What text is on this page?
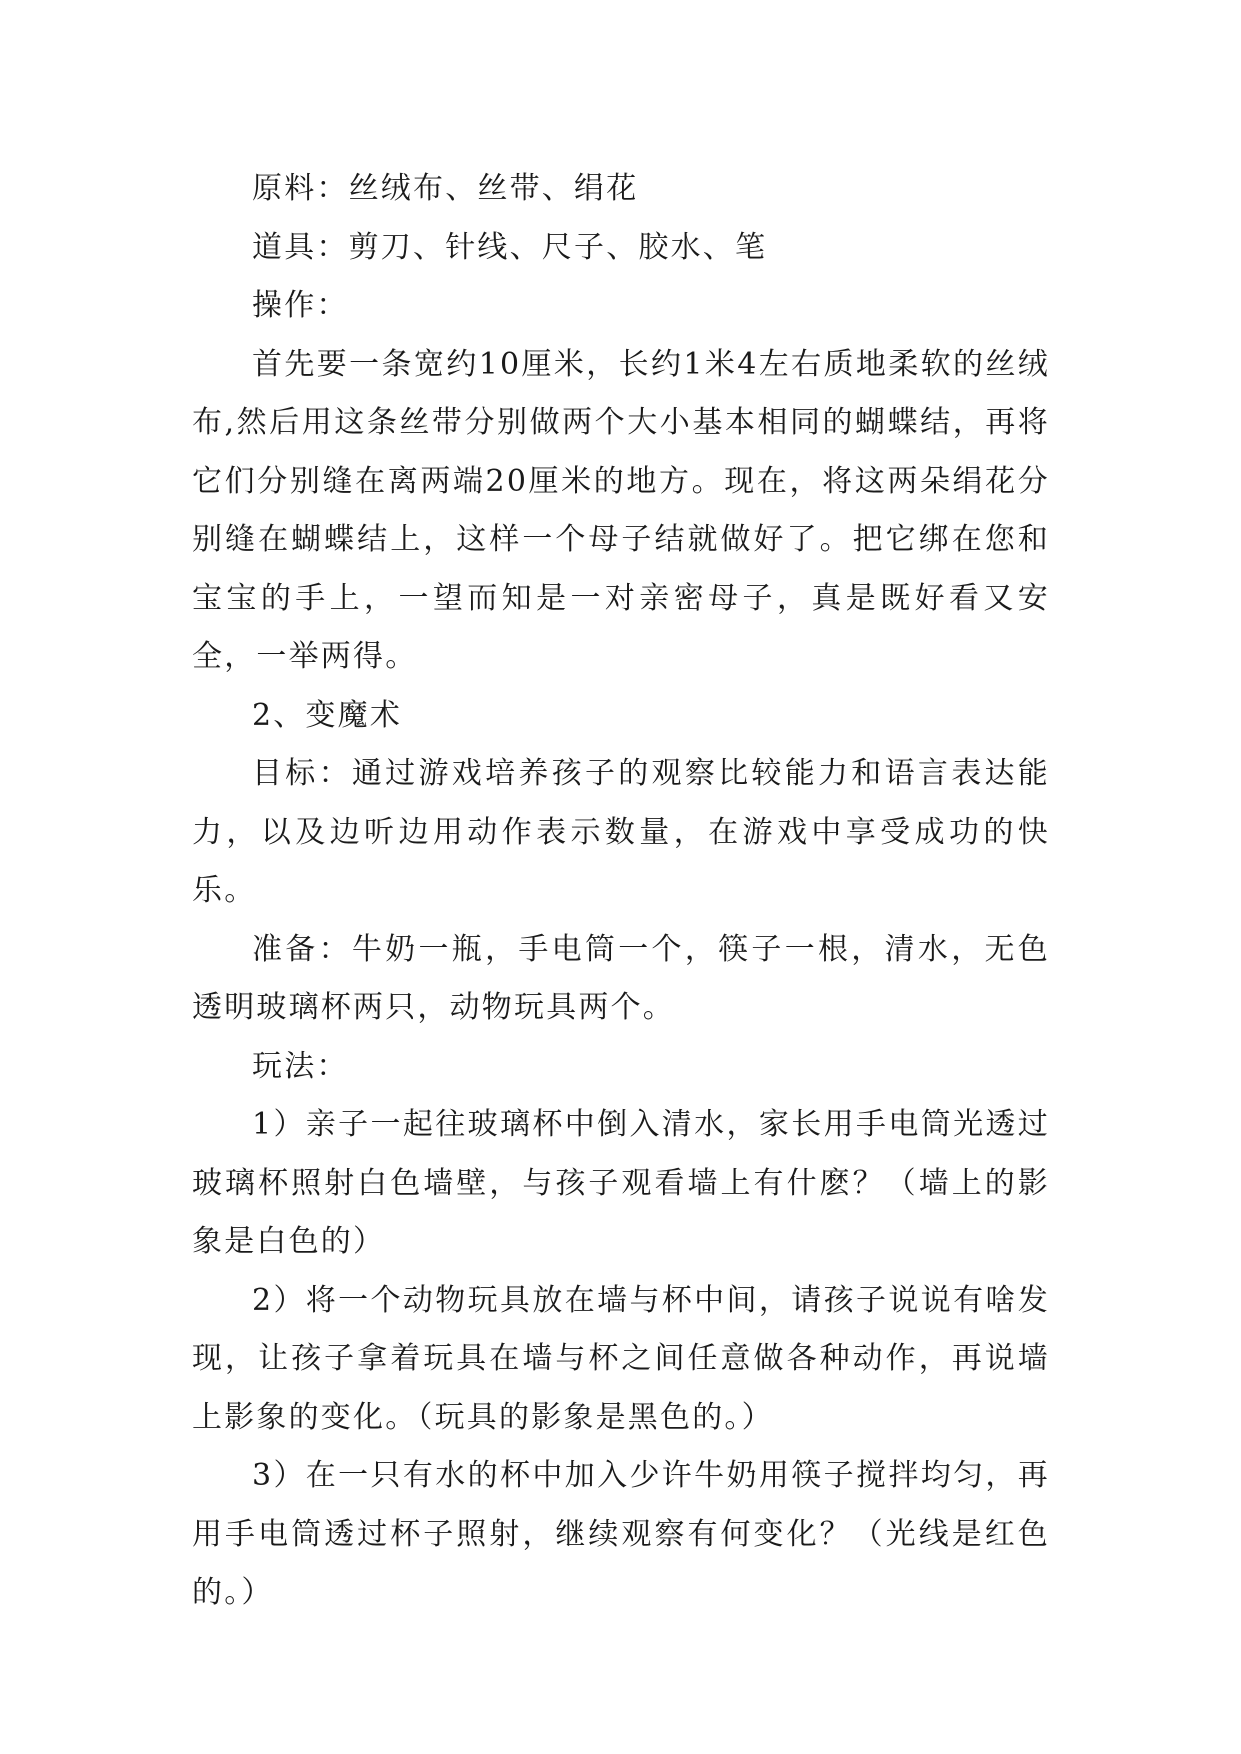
原料：丝绒布、丝带、绢花

道具：剪刀、针线、尺子、胶水、笔

操作：

首先要一条宽约10厘米，长约1米4左右质地柔软的丝绒布,然后用这条丝带分别做两个大小基本相同的蝴蝶结，再将它们分别缝在离两端20厘米的地方。现在，将这两朵绢花分别缝在蝴蝶结上，这样一个母子结就做好了。把它绑在您和宝宝的手上，一望而知是一对亲密母子，真是既好看又安全，一举两得。

2、变魔术

目标：通过游戏培养孩子的观察比较能力和语言表达能力，以及边听边用动作表示数量，在游戏中享受成功的快乐。

准备：牛奶一瓶，手电筒一个，筷子一根，清水，无色透明玻璃杯两只，动物玩具两个。

玩法：

1）亲子一起往玻璃杯中倒入清水，家长用手电筒光透过玻璃杯照射白色墙壁，与孩子观看墙上有什麽？（墙上的影象是白色的）

2）将一个动物玩具放在墙与杯中间，请孩子说说有啥发现，让孩子拿着玩具在墙与杯之间任意做各种动作，再说墙上影象的变化。（玩具的影象是黑色的。）

3）在一只有水的杯中加入少许牛奶用筷子搅拌均匀，再用手电筒透过杯子照射，继续观察有何变化？（光线是红色的。）
